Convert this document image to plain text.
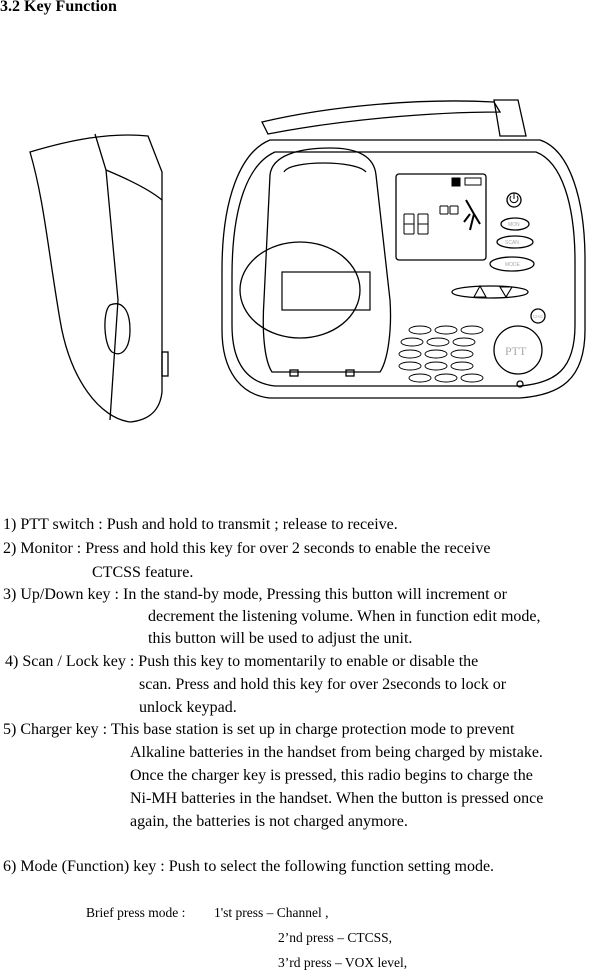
3.2 Key Function
MON
SCAN
MODE
CHG
PTT
1) PTT switch : Push and hold to transmit ; release to receive.
2) Monitor : Press and hold this key for over 2 seconds to enable the receive
CTCSS feature.
3) Up/Down key : In the stand-by mode, Pressing this button will increment or
decrement the listening volume. When in function edit mode,
this button will be used to adjust the unit.
4) Scan / Lock key : Push this key to momentarily to enable or disable the
scan. Press and hold this key for over 2seconds to lock or
unlock keypad.
5) Charger key : This base station is set up in charge protection mode to prevent
Alkaline batteries in the handset from being charged by mistake.
Once the charger key is pressed, this radio begins to charge the
Ni-MH batteries in the handset. When the button is pressed once
again, the batteries is not charged anymore.
6) Mode (Function) key : Push to select the following function setting mode.
Brief press mode : 1'st press – Channel ,
2’nd press – CTCSS,
3’rd press – VOX level,
